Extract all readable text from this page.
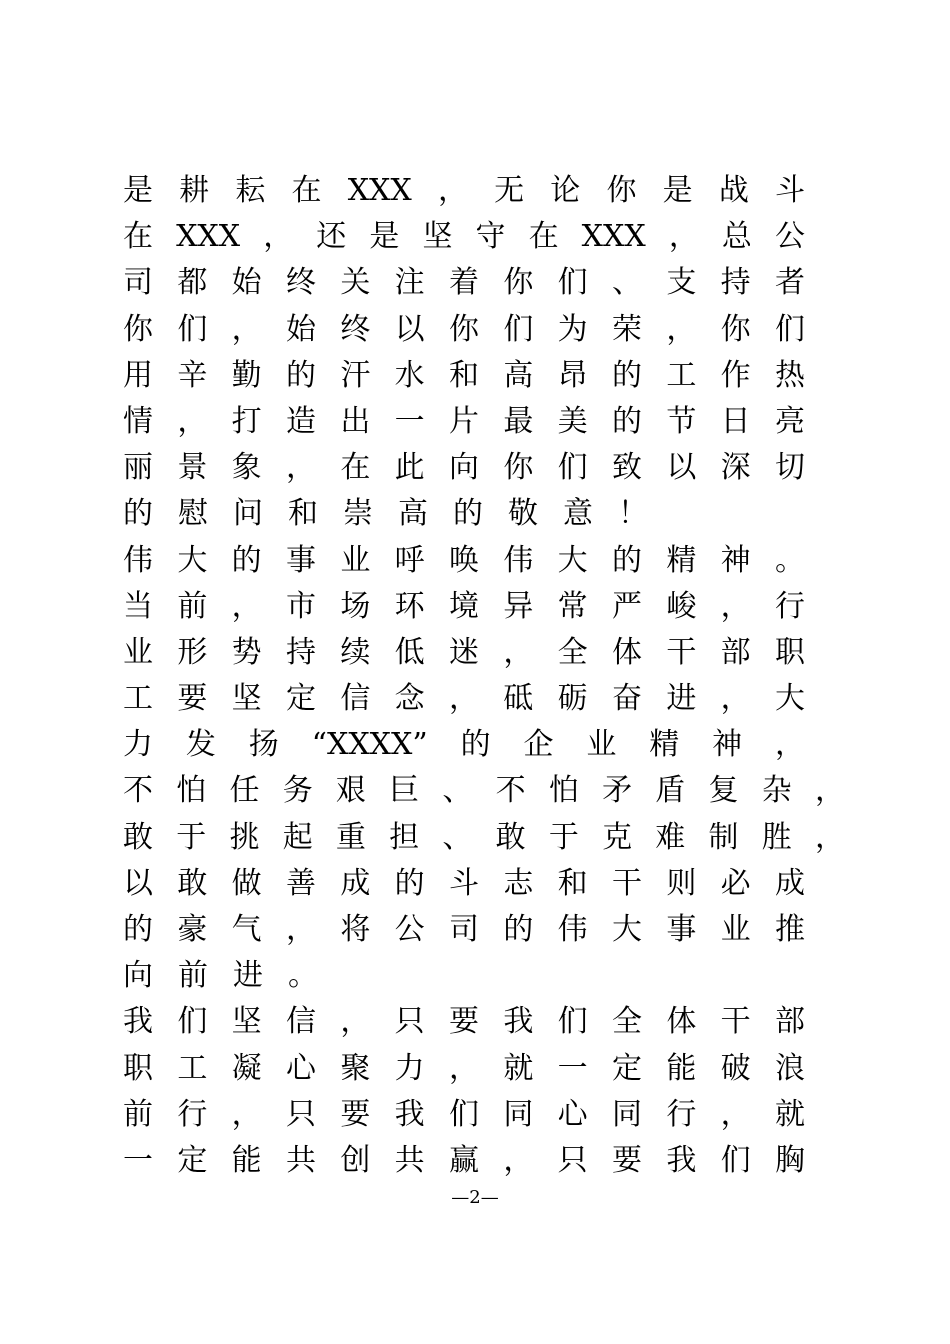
是耕耘在XXX，无论你是战斗
在XXX，还是坚守在XXX，总公
司都始终关注着你们、支持者
你们，始终以你们为荣，你们
用辛勤的汗水和高昂的工作热
情，打造出一片最美的节日亮
丽景象，在此向你们致以深切
的慰问和崇高的敬意！
伟大的事业呼唤伟大的精神。
当前，市场环境异常严峻，行
业形势持续低迷，全体干部职
工要坚定信念，砥砺奋进，大
力发扬“XXXX”的企业精神，
不怕任务艰巨、不怕矛盾复杂，
敢于挑起重担、敢于克难制胜，
以敢做善成的斗志和干则必成
的豪气，将公司的伟大事业推
向前进。
我们坚信，只要我们全体干部
职工凝心聚力，就一定能破浪
前行，只要我们同心同行，就
一定能共创共赢，只要我们胸
—2—
